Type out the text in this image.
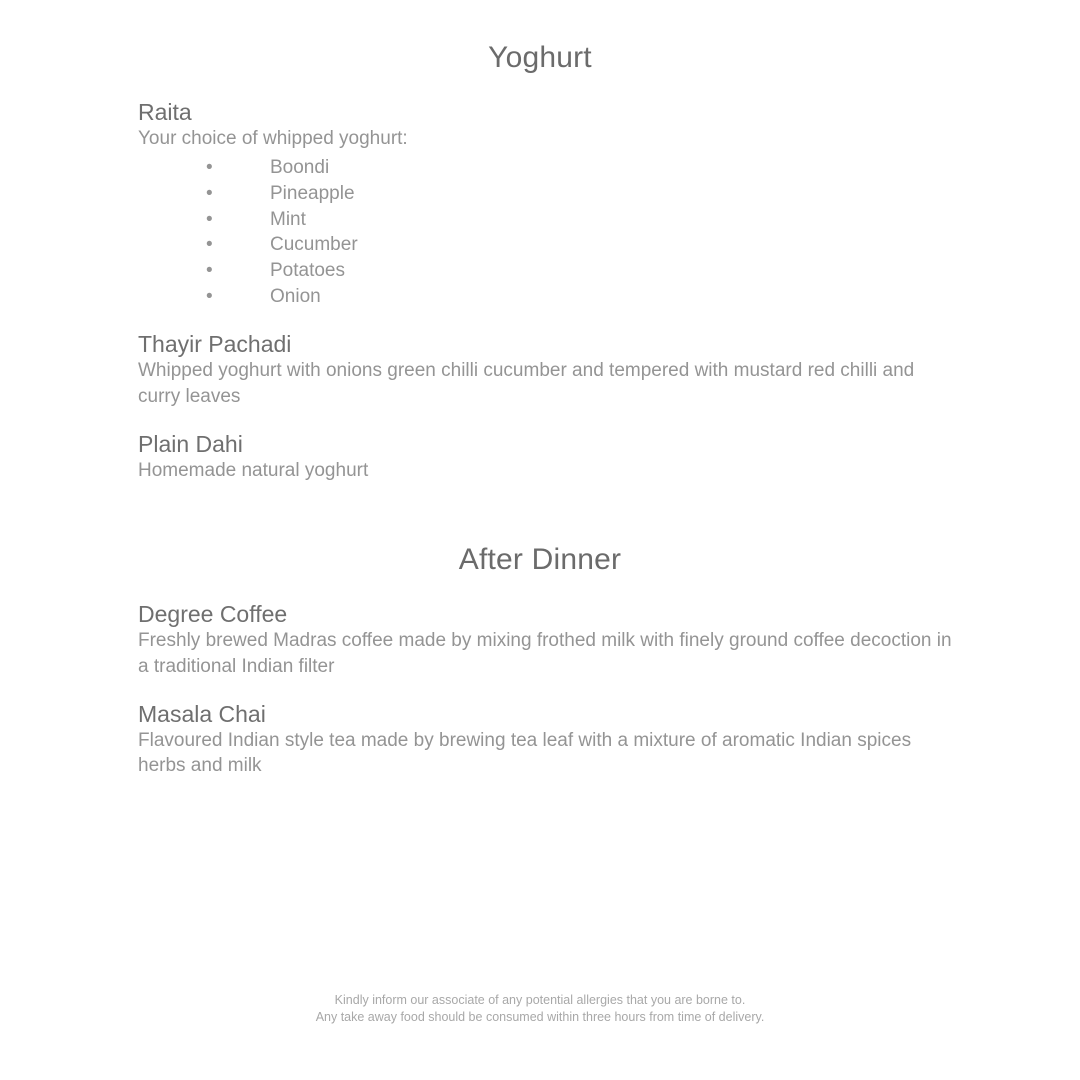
Yoghurt
Raita
Your choice of whipped yoghurt:
•	Boondi
•	Pineapple
•	Mint
•	Cucumber
•	Potatoes
•	Onion
Thayir Pachadi
Whipped yoghurt with onions green chilli cucumber and tempered with mustard red chilli and curry leaves
Plain Dahi
Homemade natural yoghurt
After Dinner
Degree Coffee
Freshly brewed Madras coffee made by mixing frothed milk with finely ground coffee decoction in a traditional Indian filter
Masala Chai
Flavoured Indian style tea made by brewing tea leaf with a mixture of aromatic Indian spices herbs and milk
Kindly inform our associate of any potential allergies that you are borne to.
Any take away food should be consumed within three hours from time of delivery.
